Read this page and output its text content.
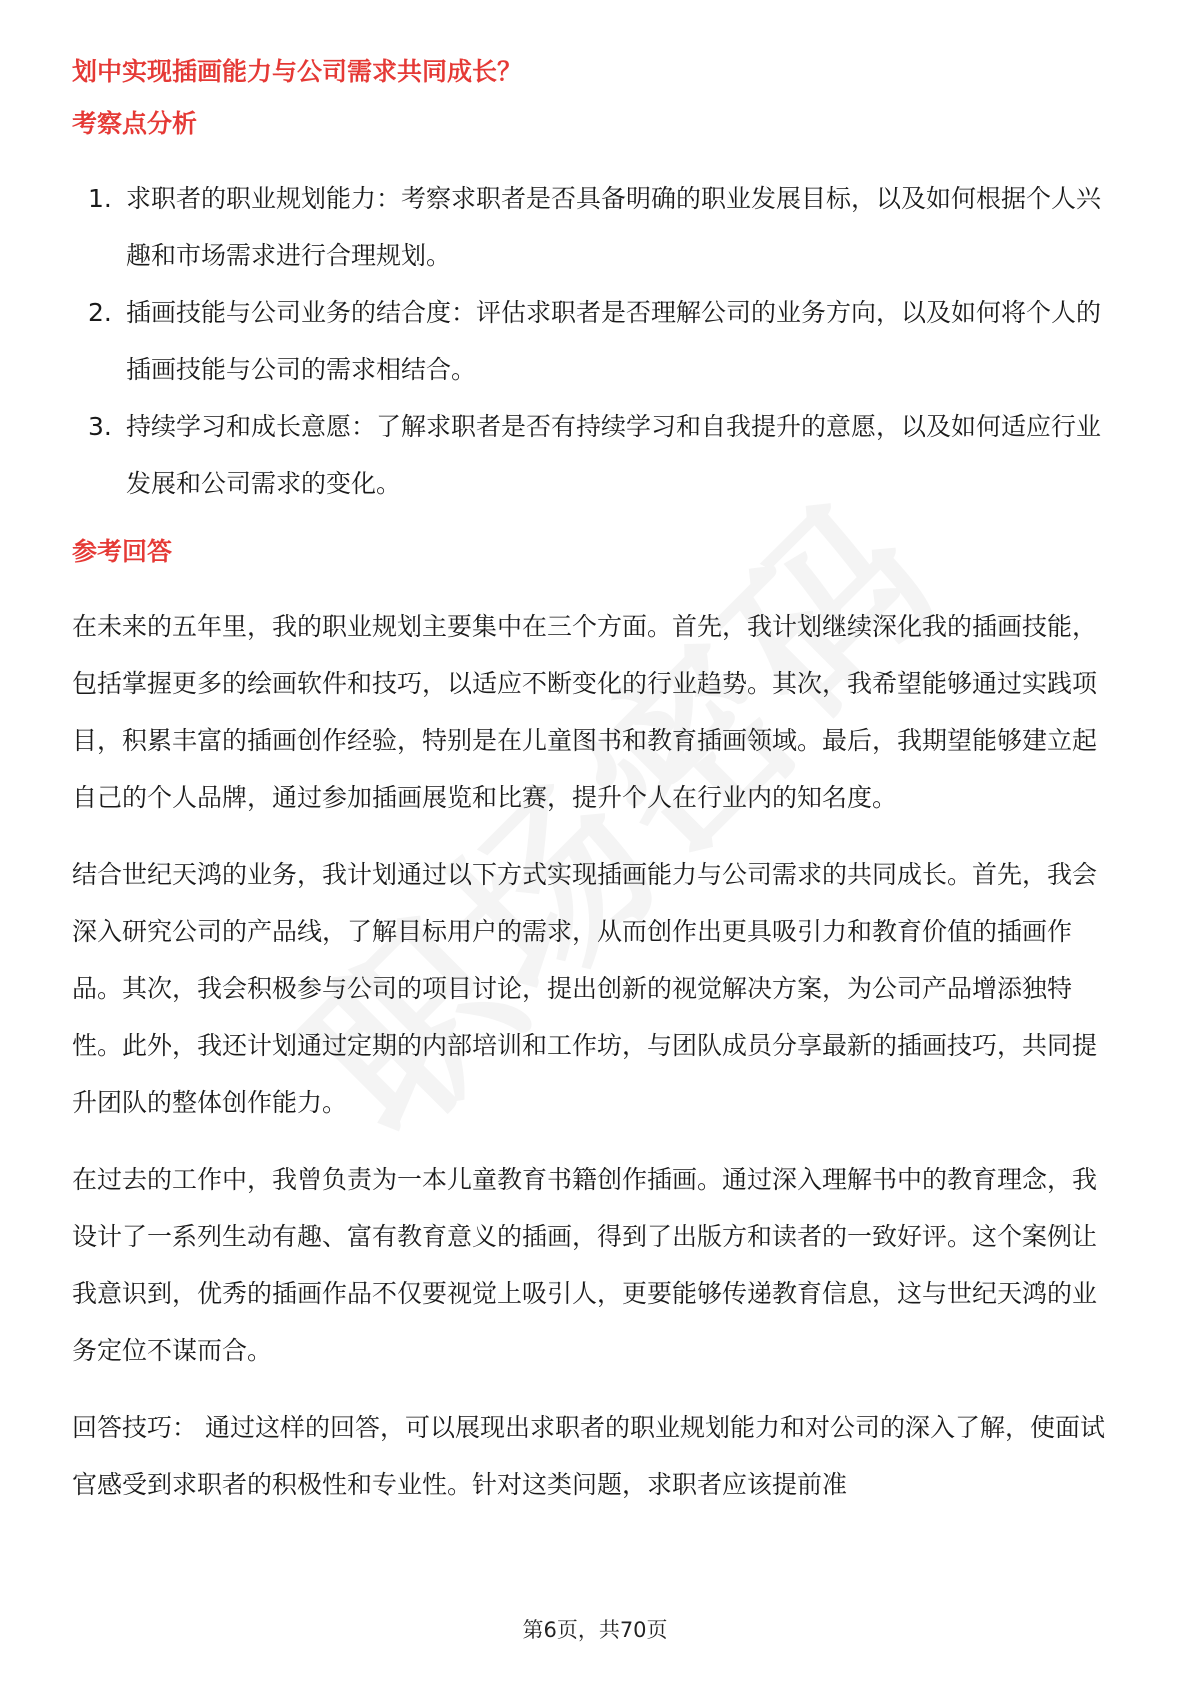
划中实现插画能力与公司需求共同成长？
考察点分析
1. 求职者的职业规划能力：考察求职者是否具备明确的职业发展目标，以及如何根据个人兴趣和市场需求进行合理规划。
2. 插画技能与公司业务的结合度：评估求职者是否理解公司的业务方向，以及如何将个人的插画技能与公司的需求相结合。
3. 持续学习和成长意愿：了解求职者是否有持续学习和自我提升的意愿，以及如何适应行业发展和公司需求的变化。
参考回答

在未来的五年里，我的职业规划主要集中在三个方面。首先，我计划继续深化我的插画技能，包括掌握更多的绘画软件和技巧，以适应不断变化的行业趋势。其次，我希望能够通过实践项目，积累丰富的插画创作经验，特别是在儿童图书和教育插画领域。最后，我期望能够建立起自己的个人品牌，通过参加插画展览和比赛，提升个人在行业内的知名度。

结合世纪天鸿的业务，我计划通过以下方式实现插画能力与公司需求的共同成长。首先，我会深入研究公司的产品线，了解目标用户的需求，从而创作出更具吸引力和教育价值的插画作品。其次，我会积极参与公司的项目讨论，提出创新的视觉解决方案，为公司产品增添独特性。此外，我还计划通过定期的内部培训和工作坊，与团队成员分享最新的插画技巧，共同提升团队的整体创作能力。

在过去的工作中，我曾负责为一本儿童教育书籍创作插画。通过深入理解书中的教育理念，我设计了一系列生动有趣、富有教育意义的插画，得到了出版方和读者的一致好评。这个案例让我意识到，优秀的插画作品不仅要视觉上吸引人，更要能够传递教育信息，这与世纪天鸿的业务定位不谋而合。

回答技巧： 通过这样的回答，可以展现出求职者的职业规划能力和对公司的深入了解，使面试官感受到求职者的积极性和专业性。针对这类问题，求职者应该提前准

第6页，共70页
